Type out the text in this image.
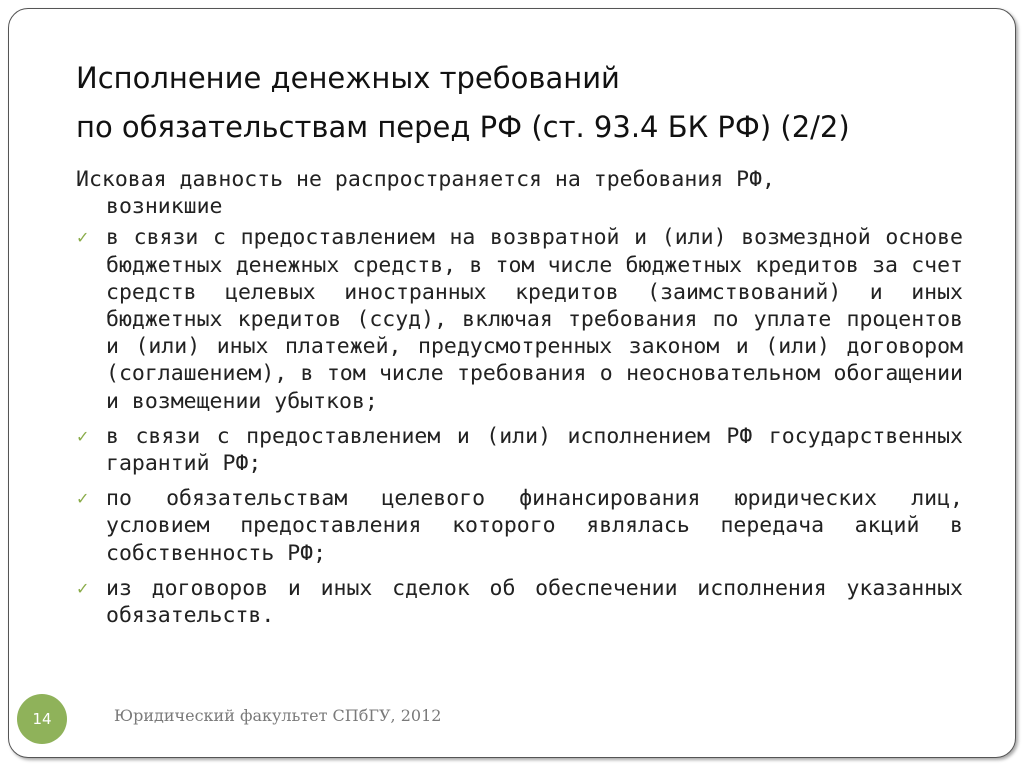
Исполнение денежных требований
по обязательствам перед РФ (ст. 93.4 БК РФ) (2/2)
Исковая давность не распространяется на требования РФ,
возникшие
✓ в связи с предоставлением на возвратной и (или) возмездной основе бюджетных денежных средств, в том числе бюджетных кредитов за счет средств целевых иностранных кредитов (заимствований) и иных бюджетных кредитов (ссуд), включая требования по уплате процентов и (или) иных платежей, предусмотренных законом и (или) договором (соглашением), в том числе требования о неосновательном обогащении и возмещении убытков;
✓ в связи с предоставлением и (или) исполнением РФ государственных гарантий РФ;
✓ по обязательствам целевого финансирования юридических лиц, условием предоставления которого являлась передача акций в собственность РФ;
✓ из договоров и иных сделок об обеспечении исполнения указанных обязательств.
14	Юридический факультет СПбГУ, 2012
